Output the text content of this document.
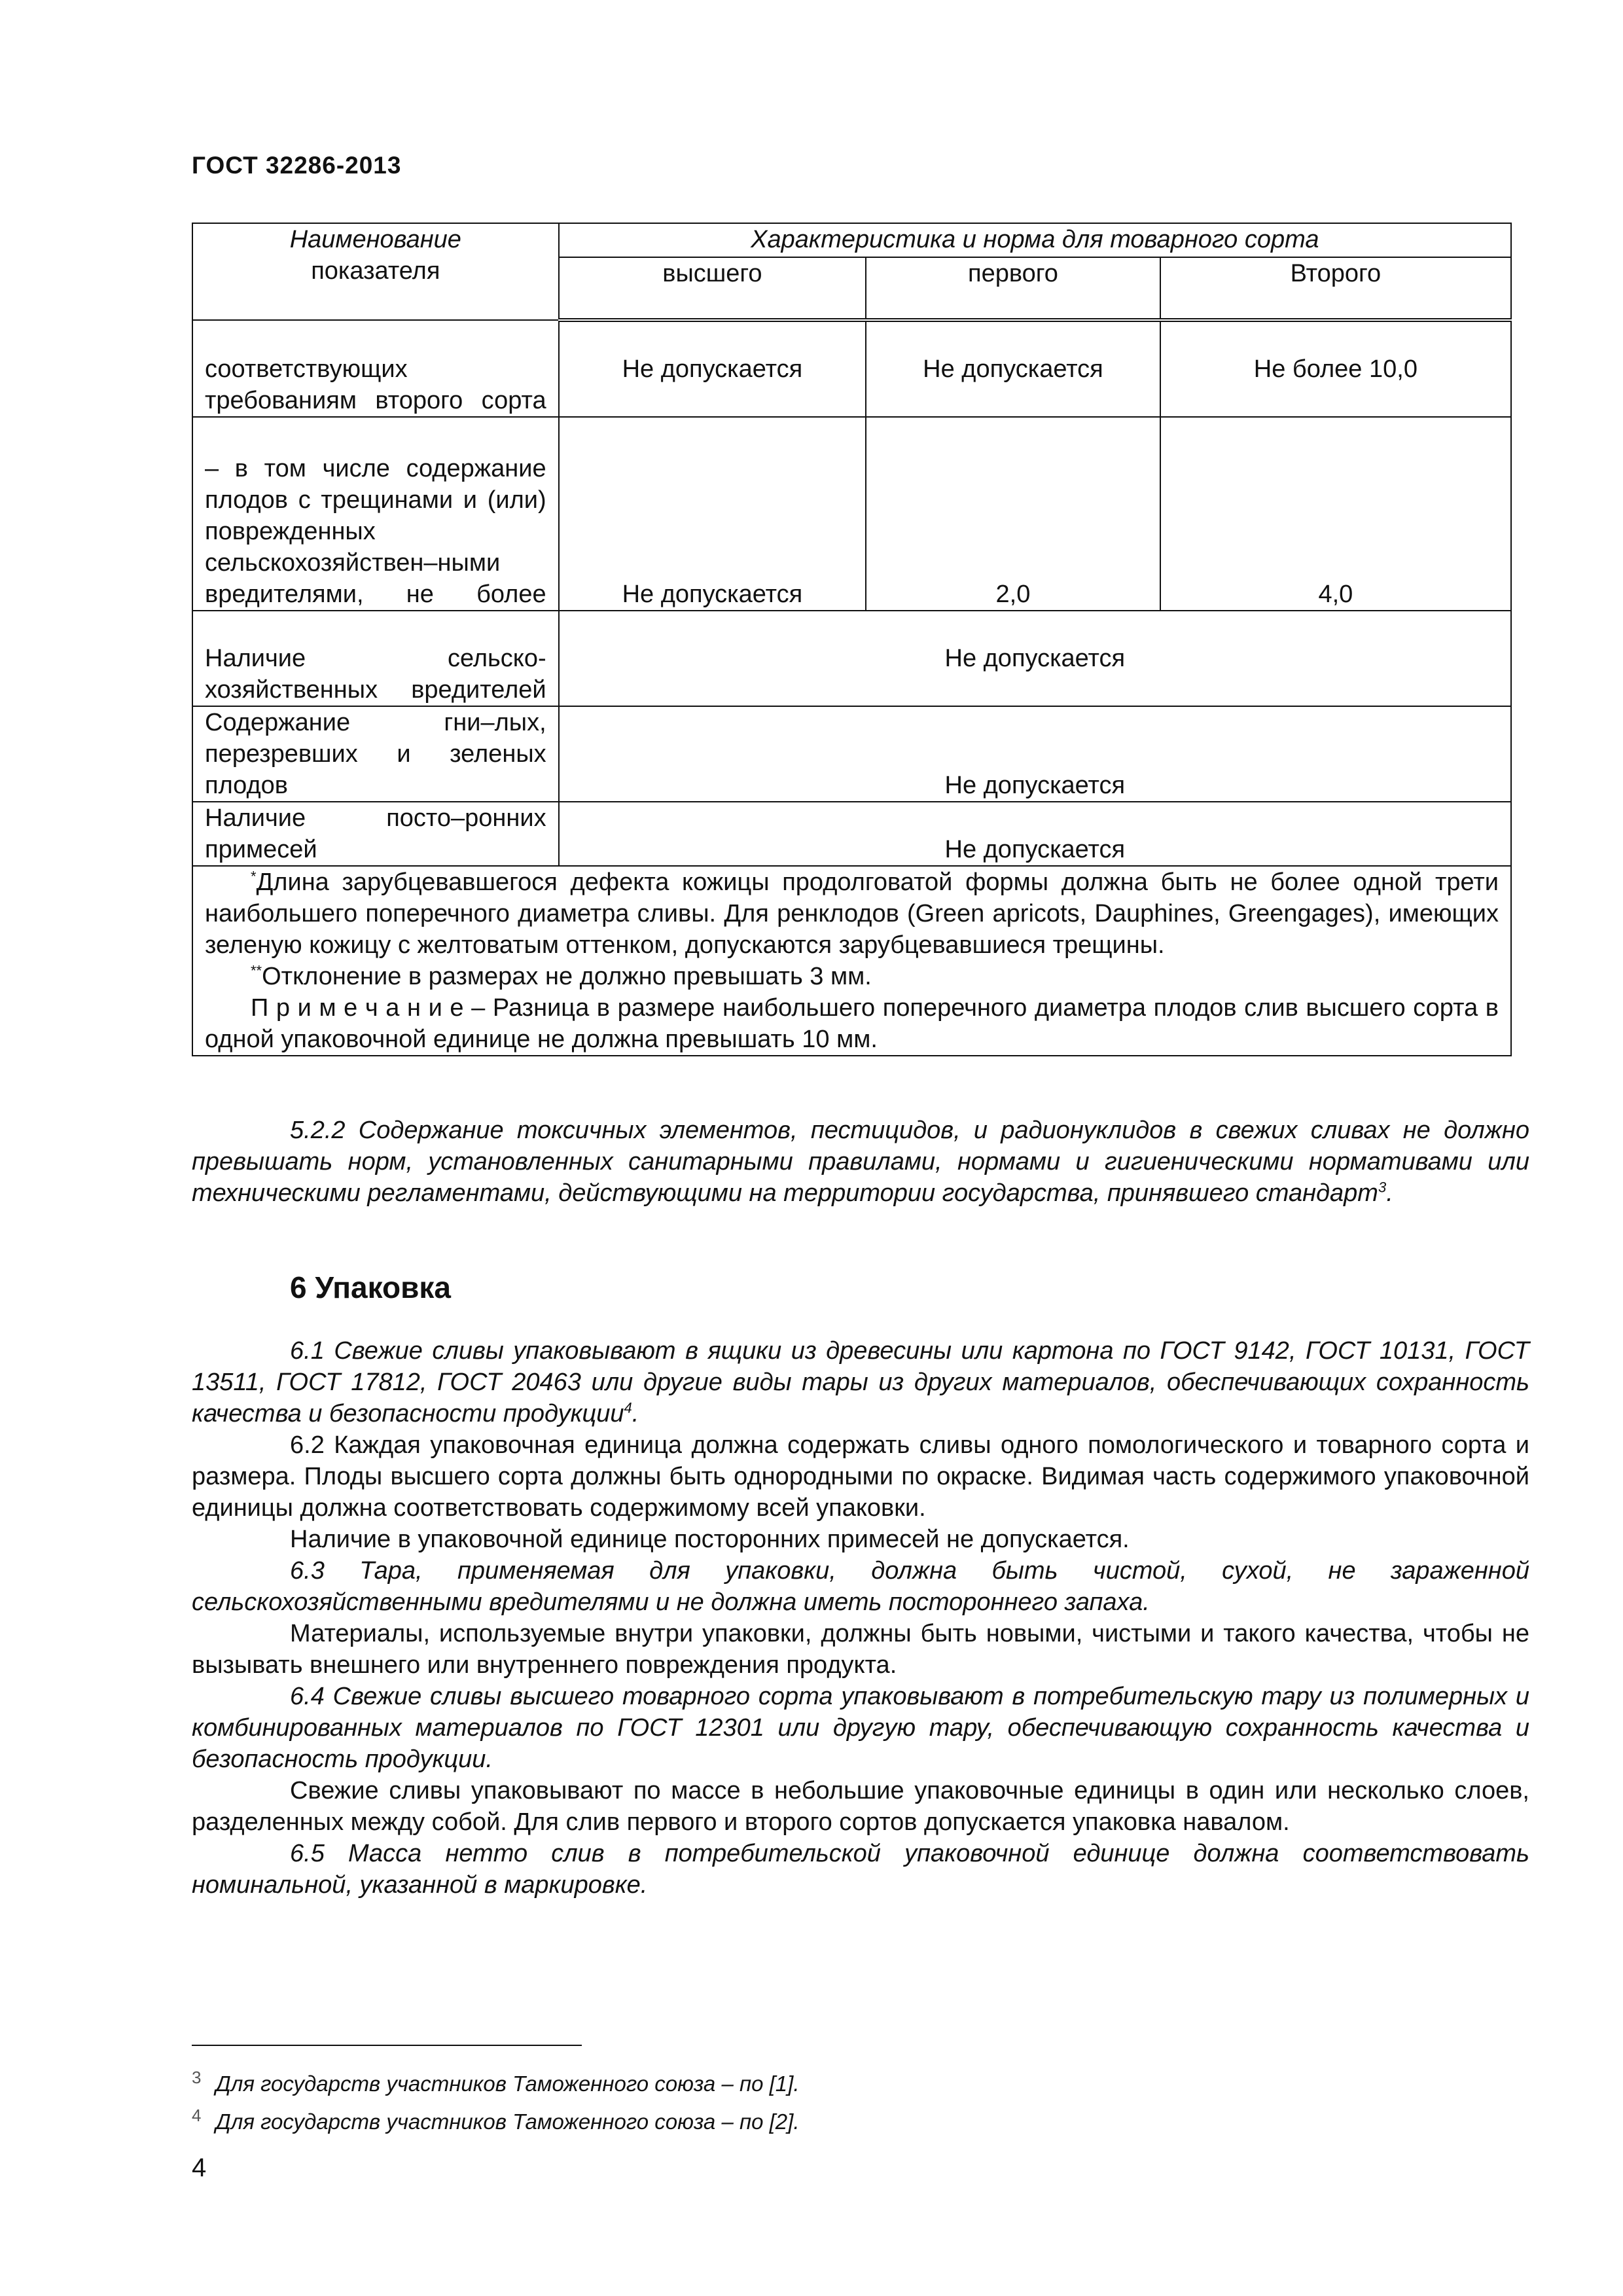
ГОСТ 32286-2013
Наименование
показателя	Характеристика и норма для товарного сорта		
	высшего	первого	Второго
соответствующих требованиям второго сорта	Не допускается	Не допускается	Не более 10,0
– в том числе содержание плодов с трещинами и (или) поврежденных сельскохозяйствен–ными вредителями, не более	Не допускается	2,0	4,0
Наличие сельско-хозяйственных вредителей	Не допускается		
Содержание гни–лых, перезревших и зеленых плодов	Не допускается		
Наличие посто–ронних примесей	Не допускается		

*Длина зарубцевавшегося дефекта кожицы продолговатой формы должна быть не более одной трети наибольшего поперечного диаметра сливы. Для ренклодов (Green apricots, Dauphines, Greengages), имеющих зеленую кожицу с желтоватым оттенком, допускаются зарубцевавшиеся трещины.

**Отклонение в размерах не должно превышать 3 мм.

П р и м е ч а н и е – Разница в размере наибольшего поперечного диаметра плодов слив высшего сорта в одной упаковочной единице не должна превышать 10 мм.			

5.2.2 Содержание токсичных элементов, пестицидов, и радионуклидов в свежих сливах не должно превышать норм, установленных санитарными правилами, нормами и гигиеническими нормативами или техническими регламентами, действующими на территории государства, принявшего стандарт$^3$.

6 Упаковка

6.1 Свежие сливы упаковывают в ящики из древесины или картона по ГОСТ 9142, ГОСТ 10131, ГОСТ 13511, ГОСТ 17812, ГОСТ 20463 или другие виды тары из других материалов, обеспечивающих сохранность качества и безопасности продукции$^4$.

6.2 Каждая упаковочная единица должна содержать сливы одного помологического и товарного сорта и размера. Плоды высшего сорта должны быть однородными по окраске. Видимая часть содержимого упаковочной единицы должна соответствовать содержимому всей упаковки.

Наличие в упаковочной единице посторонних примесей не допускается.

6.3 Тара, применяемая для упаковки, должна быть чистой, сухой, не зараженной сельскохозяйственными вредителями и не должна иметь постороннего запаха.

Материалы, используемые внутри упаковки, должны быть новыми, чистыми и такого качества, чтобы не вызывать внешнего или внутреннего повреждения продукта.

6.4 Свежие сливы высшего товарного сорта упаковывают в потребительскую тару из полимерных и комбинированных материалов по ГОСТ 12301 или другую тару, обеспечивающую сохранность качества и безопасность продукции.

Свежие сливы упаковывают по массе в небольшие упаковочные единицы в один или несколько слоев, разделенных между собой. Для слив первого и второго сортов допускается упаковка навалом.

6.5 Масса нетто слив в потребительской упаковочной единице должна соответствовать номинальной, указанной в маркировке.

$^3$ Для государств участников Таможенного союза – по [1].
$^4$ Для государств участников Таможенного союза – по [2].
4
